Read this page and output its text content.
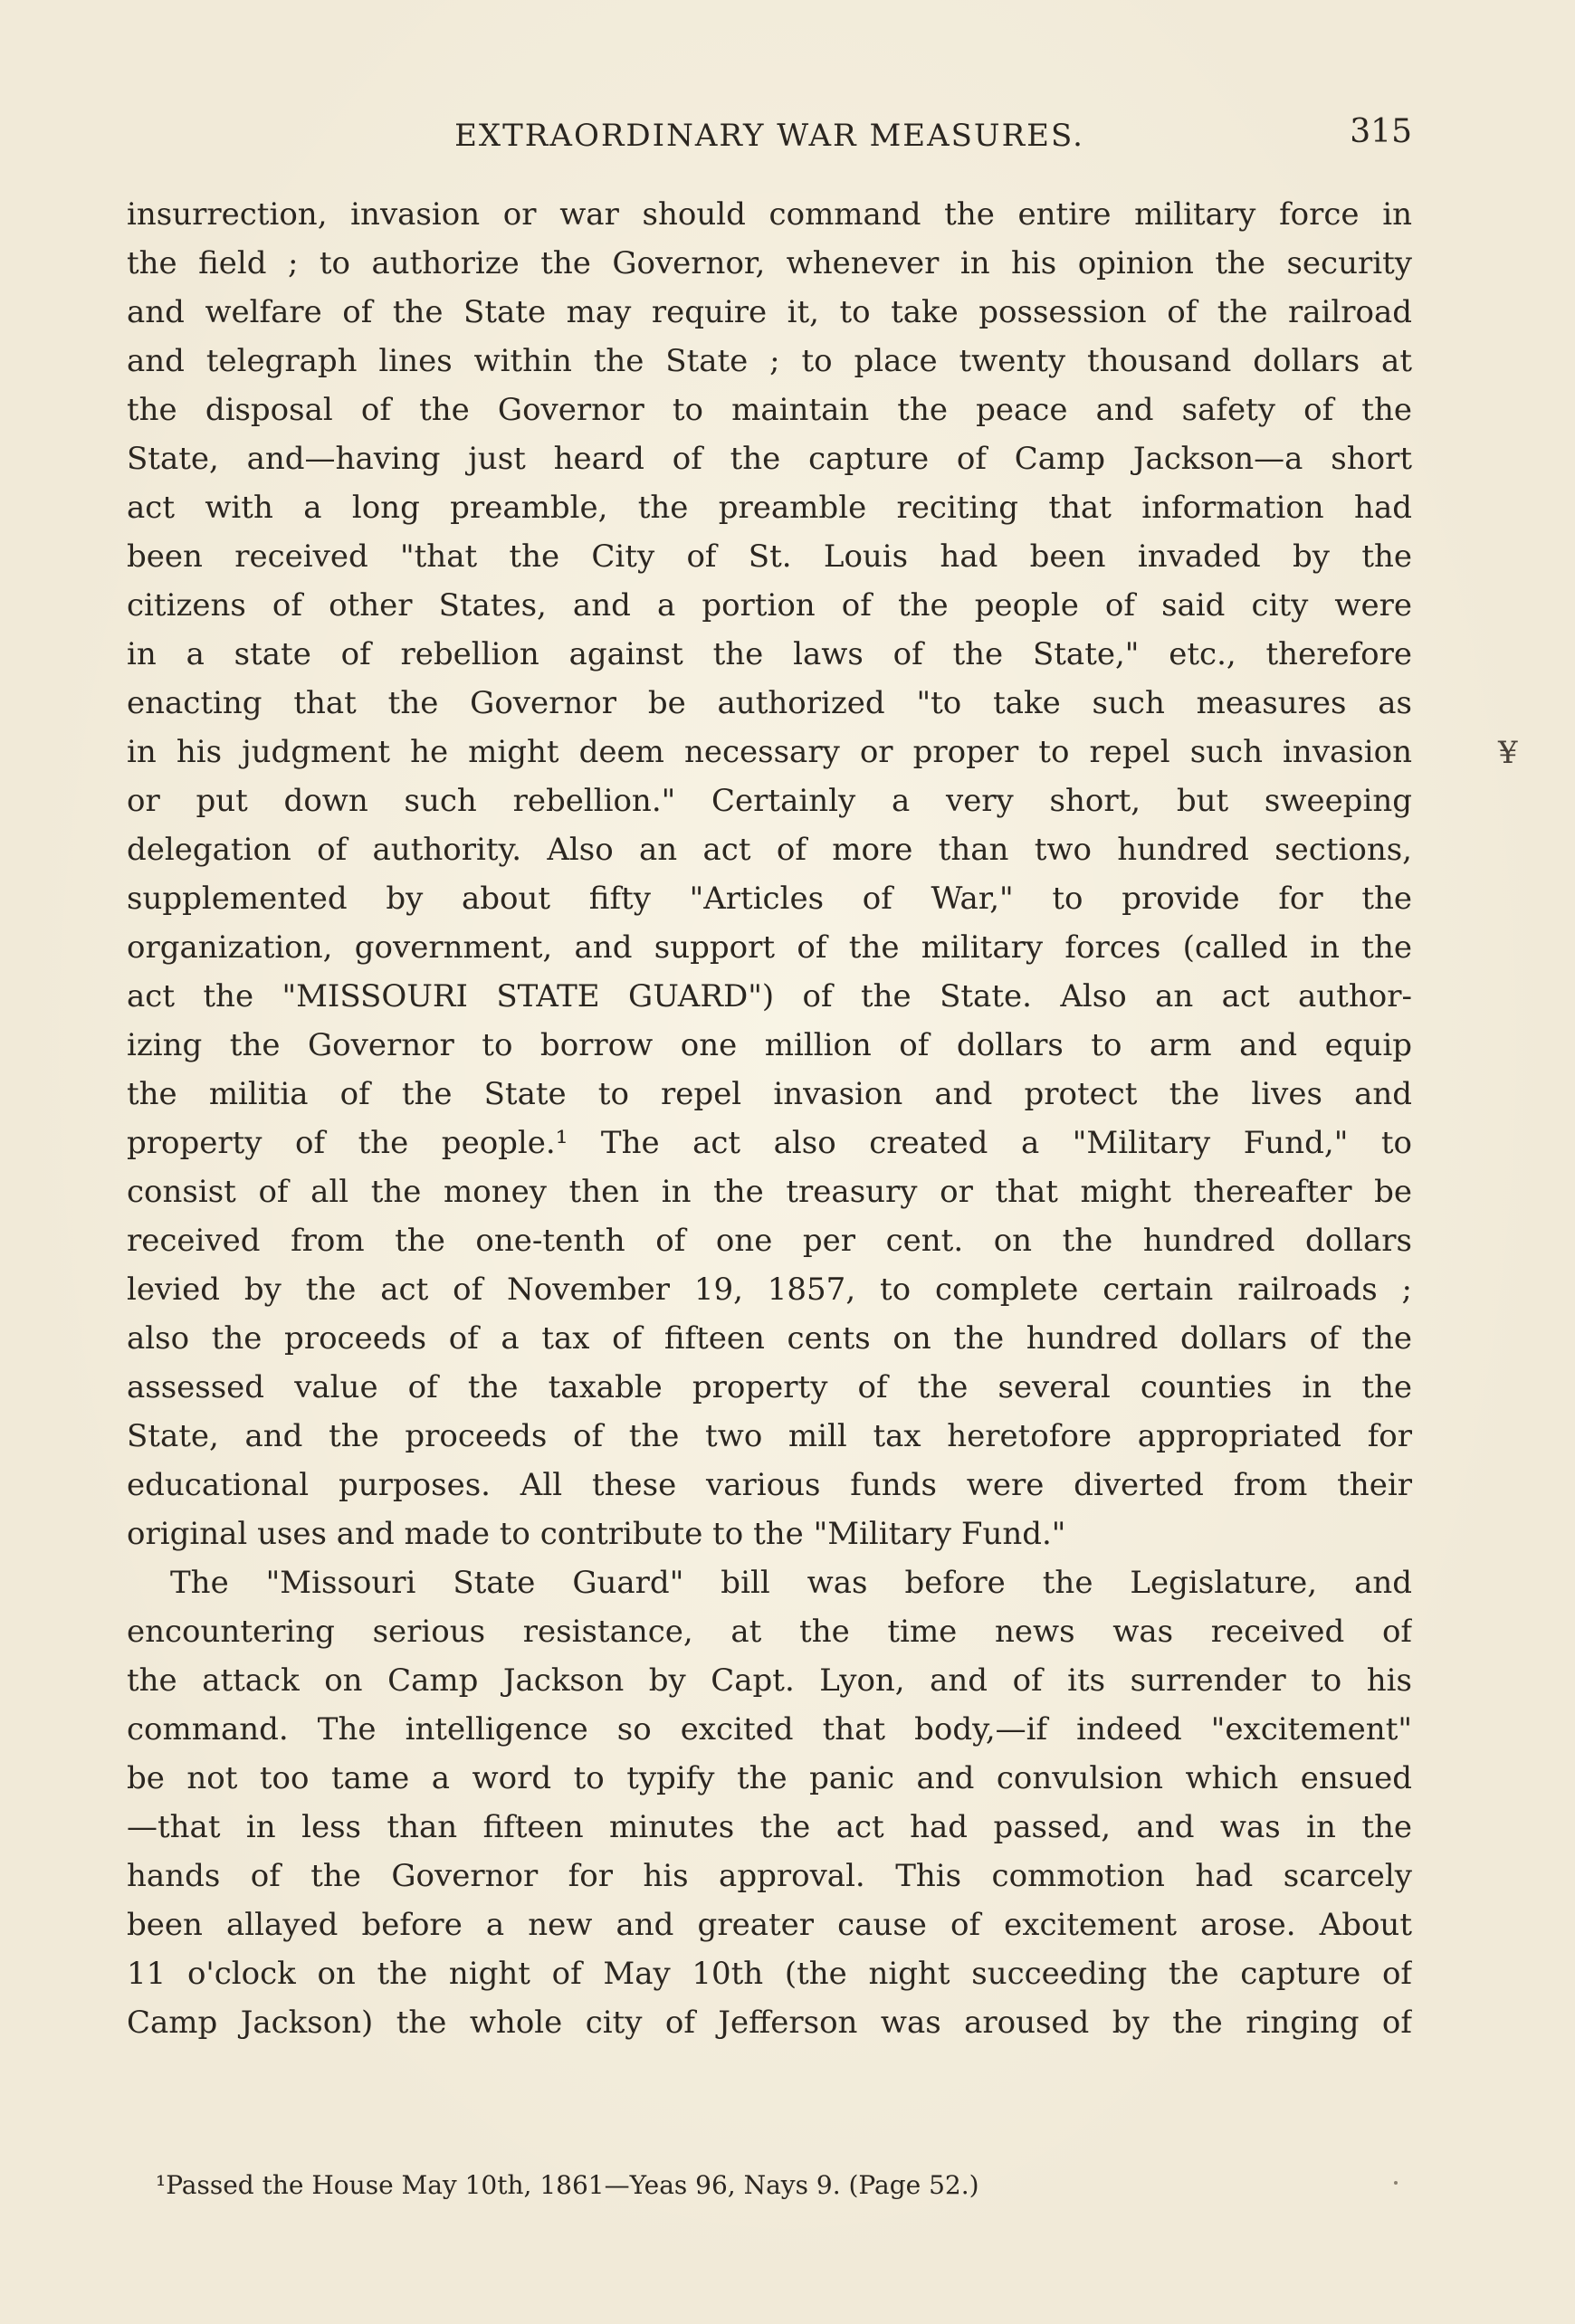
EXTRAORDINARY WAR MEASURES.	315
insurrection, invasion or war should command the entire military force in
the field ; to authorize the Governor, whenever in his opinion the security
and welfare of the State may require it, to take possession of the railroad
and telegraph lines within the State ; to place twenty thousand dollars at
the disposal of the Governor to maintain the peace and safety of the
State, and—having just heard of the capture of Camp Jackson—a short
act with a long preamble, the preamble reciting that information had
been received "that the City of St. Louis had been invaded by the
citizens of other States, and a portion of the people of said city were
in a state of rebellion against the laws of the State," etc., therefore
enacting that the Governor be authorized "to take such measures as
in his judgment he might deem necessary or proper to repel such invasion
or put down such rebellion." Certainly a very short, but sweeping
delegation of authority. Also an act of more than two hundred sections,
supplemented by about fifty "Articles of War," to provide for the
organization, government, and support of the military forces (called in the
act the "MISSOURI STATE GUARD") of the State. Also an act author-
izing the Governor to borrow one million of dollars to arm and equip
the militia of the State to repel invasion and protect the lives and
property of the people.¹ The act also created a "Military Fund," to
consist of all the money then in the treasury or that might thereafter be
received from the one-tenth of one per cent. on the hundred dollars
levied by the act of November 19, 1857, to complete certain railroads ;
also the proceeds of a tax of fifteen cents on the hundred dollars of the
assessed value of the taxable property of the several counties in the
State, and the proceeds of the two mill tax heretofore appropriated for
educational purposes. All these various funds were diverted from their
original uses and made to contribute to the "Military Fund."
The "Missouri State Guard" bill was before the Legislature, and
encountering serious resistance, at the time news was received of
the attack on Camp Jackson by Capt. Lyon, and of its surrender to his
command. The intelligence so excited that body,—if indeed "excitement"
be not too tame a word to typify the panic and convulsion which ensued
—that in less than fifteen minutes the act had passed, and was in the
hands of the Governor for his approval. This commotion had scarcely
been allayed before a new and greater cause of excitement arose. About
11 o'clock on the night of May 10th (the night succeeding the capture of
Camp Jackson) the whole city of Jefferson was aroused by the ringing of
¥
¹Passed the House May 10th, 1861—Yeas 96, Nays 9. (Page 52.)
